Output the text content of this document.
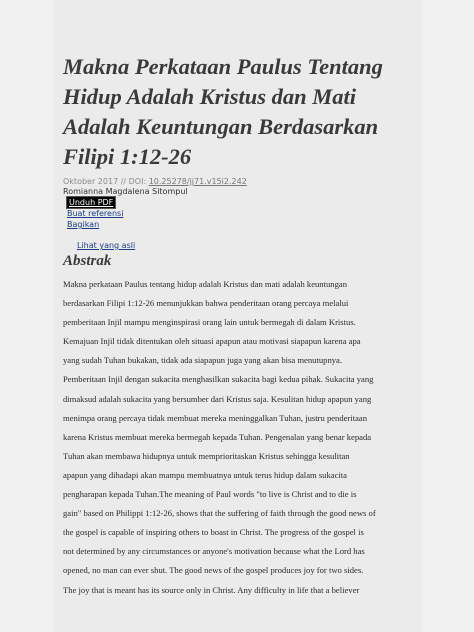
Makna Perkataan Paulus Tentang Hidup Adalah Kristus dan Mati Adalah Keuntungan Berdasarkan Filipi 1:12-26
Oktober 2017 // DOI: 10.25278/jj71.v15i2.242
Romianna Magdalena Sitompul
Unduh PDF
Buat referensi
Bagikan
Lihat yang asli
Abstrak

Makna perkataan Paulus tentang hidup adalah Kristus dan mati adalah keuntungan
berdasarkan Filipi 1:12-26 menunjukkan bahwa penderitaan orang percaya melalui
pemberitaan Injil mampu menginspirasi orang lain untuk bermegah di dalam Kristus.
Kemajuan Injil tidak ditentukan oleh situasi apapun atau motivasi siapapun karena apa
yang sudah Tuhan bukakan, tidak ada siapapun juga yang akan bisa menutupnya.
Pemberitaan Injil dengan sukacita menghasilkan sukacita bagi kedua pihak. Sukacita yang
dimaksud adalah sukacita yang bersumber dari Kristus saja. Kesulitan hidup apapun yang
menimpa orang percaya tidak membuat mereka meninggalkan Tuhan, justru penderitaan
karena Kristus membuat mereka bermegah kepada Tuhan. Pengenalan yang benar kepada
Tuhan akan membawa hidupnya untuk memprioritaskan Kristus sehingga kesulitan
apapun yang dihadapi akan mampu membuatnya untuk terus hidup dalam sukacita
pengharapan kepada Tuhan.The meaning of Paul words "to live is Christ and to die is
gain" based on Philippi 1:12-26, shows that the suffering of faith through the good news of
the gospel is capable of inspiring others to boast in Christ. The progress of the gospel is
not determined by any circumstances or anyone's motivation because what the Lord has
opened, no man can ever shut. The good news of the gospel produces joy for two sides.
The joy that is meant has its source only in Christ. Any difficulty in life that a believer
